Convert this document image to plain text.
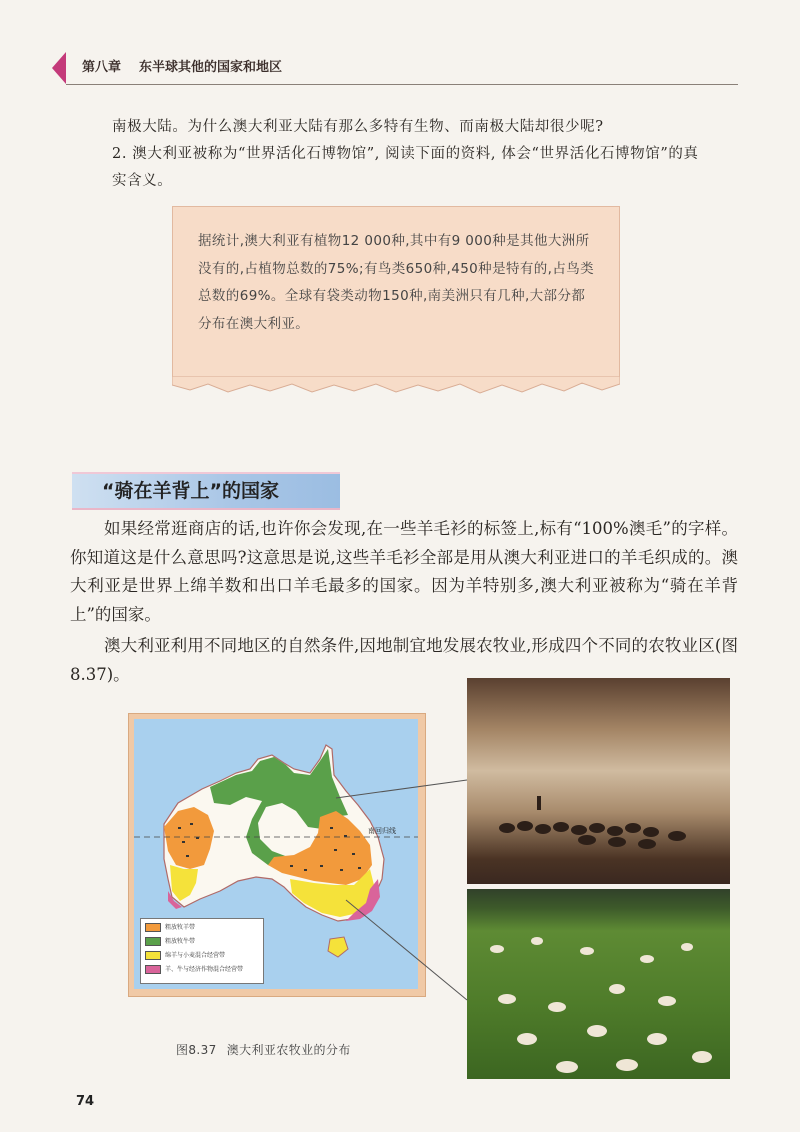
第八章 东半球其他的国家和地区
南极大陆。为什么澳大利亚大陆有那么多特有生物、而南极大陆却很少呢?
2. 澳大利亚被称为“世界活化石博物馆”, 阅读下面的资料, 体会“世界活化石博物馆”的真实含义。
据统计,澳大利亚有植物12 000种,其中有9 000种是其他大洲所没有的,占植物总数的75%;有鸟类650种,450种是特有的,占鸟类总数的69%。全球有袋类动物150种,南美洲只有几种,大部分都分布在澳大利亚。
“骑在羊背上”的国家
如果经常逛商店的话,也许你会发现,在一些羊毛衫的标签上,标有“100%澳毛”的字样。你知道这是什么意思吗?这意思是说,这些羊毛衫全部是用从澳大利亚进口的羊毛织成的。澳大利亚是世界上绵羊数和出口羊毛最多的国家。因为羊特别多,澳大利亚被称为“骑在羊背上”的国家。
澳大利亚利用不同地区的自然条件,因地制宜地发展农牧业,形成四个不同的农牧业区(图8.37)。
南回归线
粗放牧羊带
粗放牧牛带
绵羊与小麦混合经营带
羊、牛与经济作物混合经营带
图8.37 澳大利亚农牧业的分布
74
